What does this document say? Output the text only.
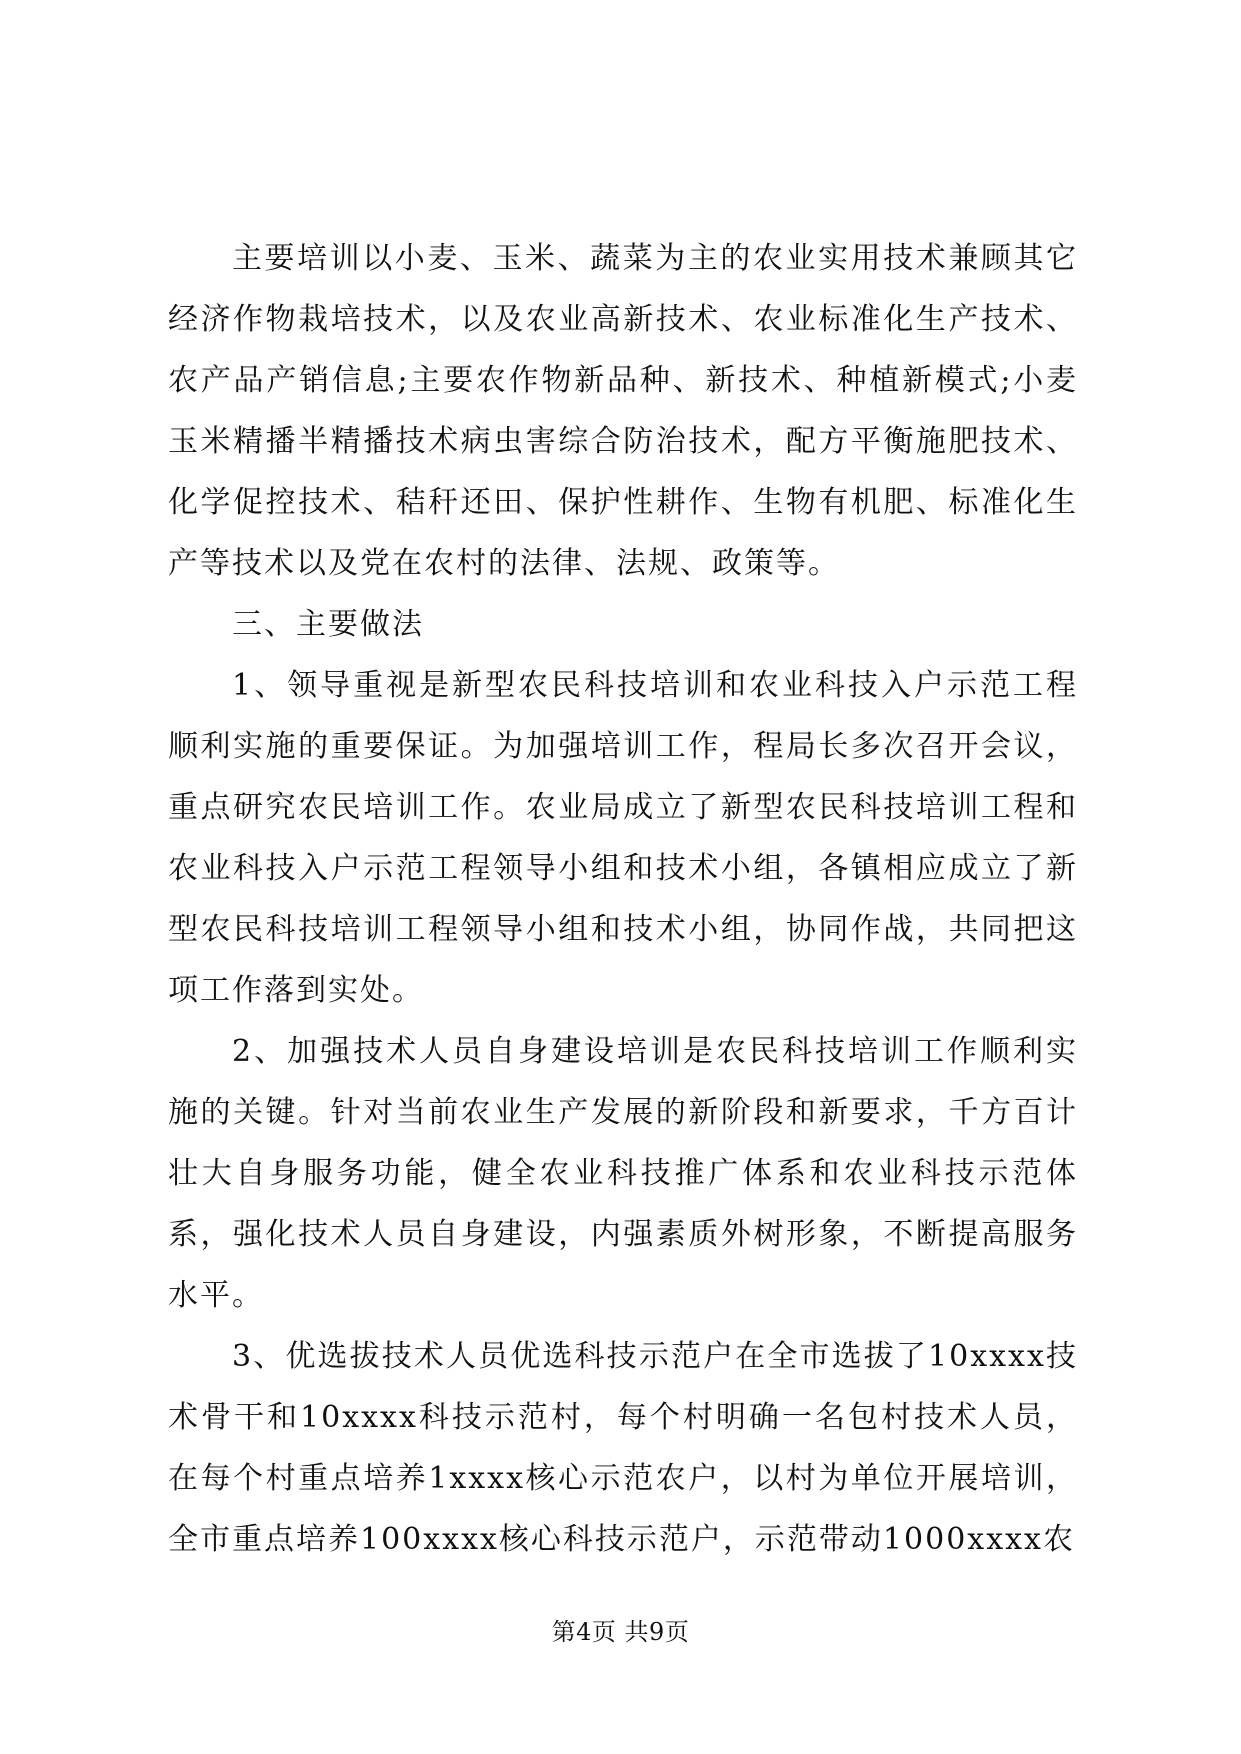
主要培训以小麦、玉米、蔬菜为主的农业实用技术兼顾其它经济作物栽培技术，以及农业高新技术、农业标准化生产技术、农产品产销信息;主要农作物新品种、新技术、种植新模式;小麦玉米精播半精播技术病虫害综合防治技术，配方平衡施肥技术、化学促控技术、秸秆还田、保护性耕作、生物有机肥、标准化生产等技术以及党在农村的法律、法规、政策等。

三、主要做法

1、领导重视是新型农民科技培训和农业科技入户示范工程顺利实施的重要保证。为加强培训工作，程局长多次召开会议，重点研究农民培训工作。农业局成立了新型农民科技培训工程和农业科技入户示范工程领导小组和技术小组，各镇相应成立了新型农民科技培训工程领导小组和技术小组，协同作战，共同把这项工作落到实处。

2、加强技术人员自身建设培训是农民科技培训工作顺利实施的关键。针对当前农业生产发展的新阶段和新要求，千方百计壮大自身服务功能，健全农业科技推广体系和农业科技示范体系，强化技术人员自身建设，内强素质外树形象，不断提高服务水平。

3、优选拔技术人员优选科技示范户在全市选拔了10xxxx技术骨干和10xxxx科技示范村，每个村明确一名包村技术人员，在每个村重点培养1xxxx核心示范农户，以村为单位开展培训，全市重点培养100xxxx核心科技示范户，示范带动1000xxxx农

第4页 共9页
